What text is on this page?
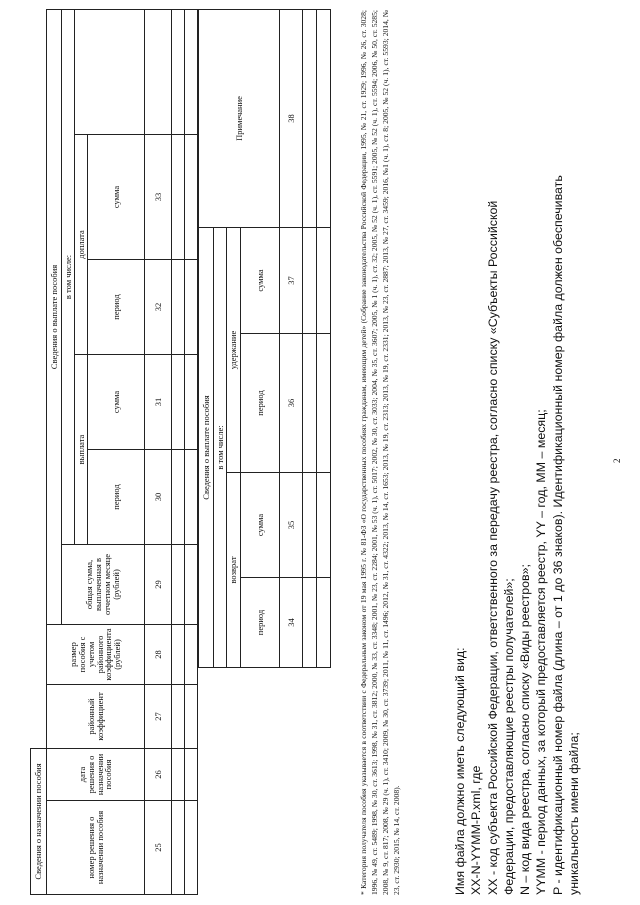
Сведения о назначении пособия									
номер решения о назначении пособия	дата решения о назначении пособия	районный коэффициент	размер пособия с учетом районного коэффициента (рублей)	Сведения о выплате пособия					
				общая сумма, выплаченная в отчетном месяце (рублей)	в том числе:				
					выплата		доплата		
					период	сумма	период	сумма	
25	26	27	28	29	30	31	32	33	

Сведения о выплате пособия				Примечание
в том числе:				
возврат		удержание		
период	сумма	период	сумма	
34	35	36	37	38

					* Категория получателя пособия указывается в соответствии с Федеральным законом от 19 мая 1995 г. № 81-ФЗ «О государственных пособиях гражданам, имеющим детей» (Собрание законодательства Российской Федерации, 1995, № 21, ст. 1929; 1996, № 26, ст. 3028; 1996, № 49, ст. 5489; 1998, № 30, ст. 3613; 1998, № 31, ст. 3812; 2000, № 33, ст. 3348; 2001, № 23, ст. 2284; 2001, № 53 (ч. 1), ст. 5017; 2002, № 30, ст. 3033; 2004, № 35, ст. 3607; 2005, № 1 (ч. 1), ст. 32; 2005, № 52 (ч. 1), ст. 5591; 2005, № 52 (ч. 1), ст. 5594; 2006, № 50, ст. 5285; 2008, № 9, ст. 817; 2008, № 29 (ч. 1), ст. 3410; 2009, № 30, ст. 3739; 2011, № 11, ст. 1496; 2012, № 31, ст. 4322; 2013, № 14, ст. 1653; 2013, № 19, ст. 2313; 2013, № 19, ст. 2331; 2013, № 23, ст. 2887; 2013, № 27, ст. 3459; 2016, №1 (ч. 1), ст. 8; 2005, № 52 (ч. 1), ст. 5593; 2014, № 23, ст. 2930; 2015, № 14, ст. 2008).	Имя файла должно иметь следующий вид: XX-N-YYMM-P.xml, где XX - код субъекта Российской Федерации, ответственного за передачу реестра, согласно списку «Субъекты Российской Федерации, предоставляющие реестры получателей»; N – код вида реестра, согласно списку «Виды реестров»; YYMM - период данных, за который предоставляется реестр, YY – год, MM – месяц; P - идентификационный номер файла (длина – от 1 до 36 знаков). Идентификационный номер файла должен обеспечивать уникальность имени файла;
2
